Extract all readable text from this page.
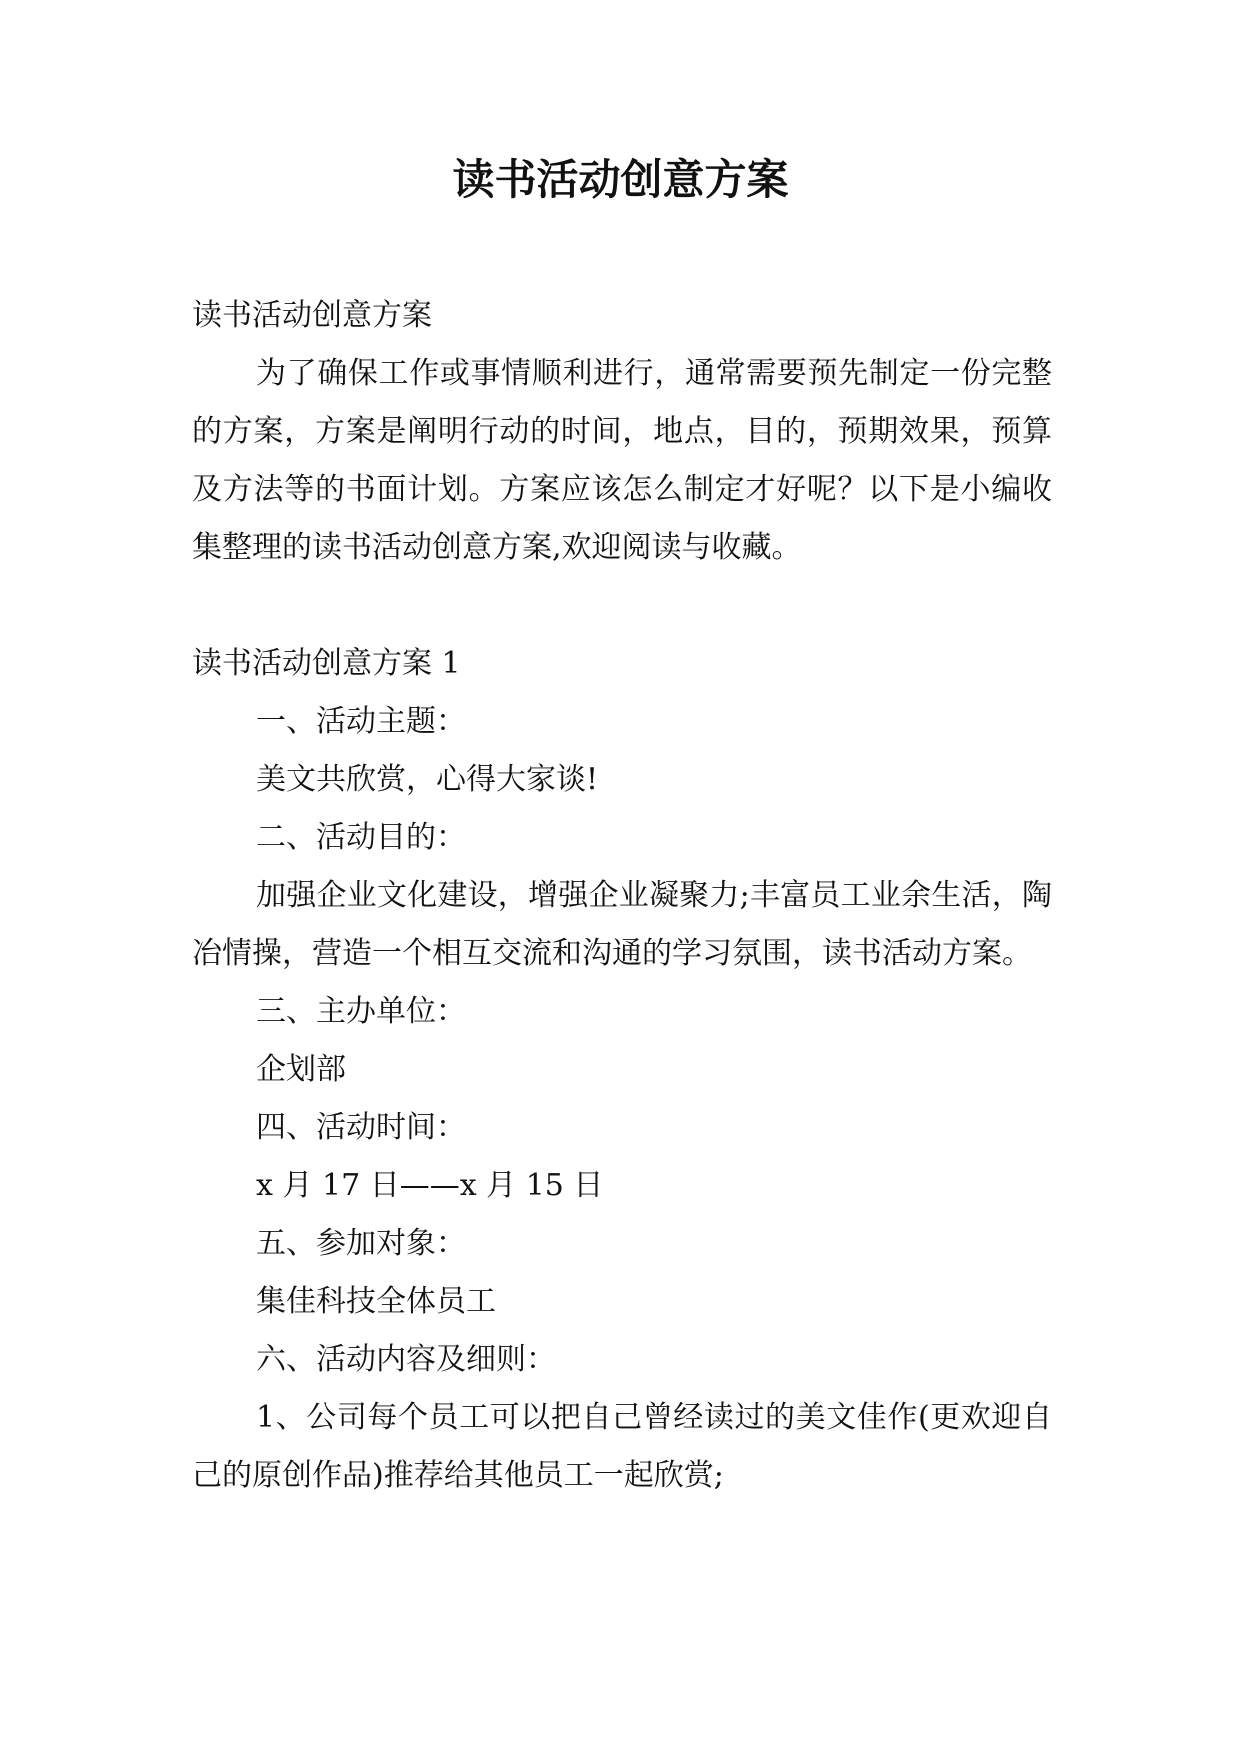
读书活动创意方案

读书活动创意方案

为了确保工作或事情顺利进行，通常需要预先制定一份完整的方案，方案是阐明行动的时间，地点，目的，预期效果，预算及方法等的书面计划。方案应该怎么制定才好呢？以下是小编收集整理的读书活动创意方案,欢迎阅读与收藏。

读书活动创意方案 1

一、活动主题：

美文共欣赏，心得大家谈!

二、活动目的：

加强企业文化建设，增强企业凝聚力;丰富员工业余生活，陶冶情操，营造一个相互交流和沟通的学习氛围，读书活动方案。

三、主办单位：

企划部

四、活动时间：

x 月 17 日——x 月 15 日

五、参加对象：

集佳科技全体员工

六、活动内容及细则：

1、公司每个员工可以把自己曾经读过的美文佳作(更欢迎自己的原创作品)推荐给其他员工一起欣赏;
